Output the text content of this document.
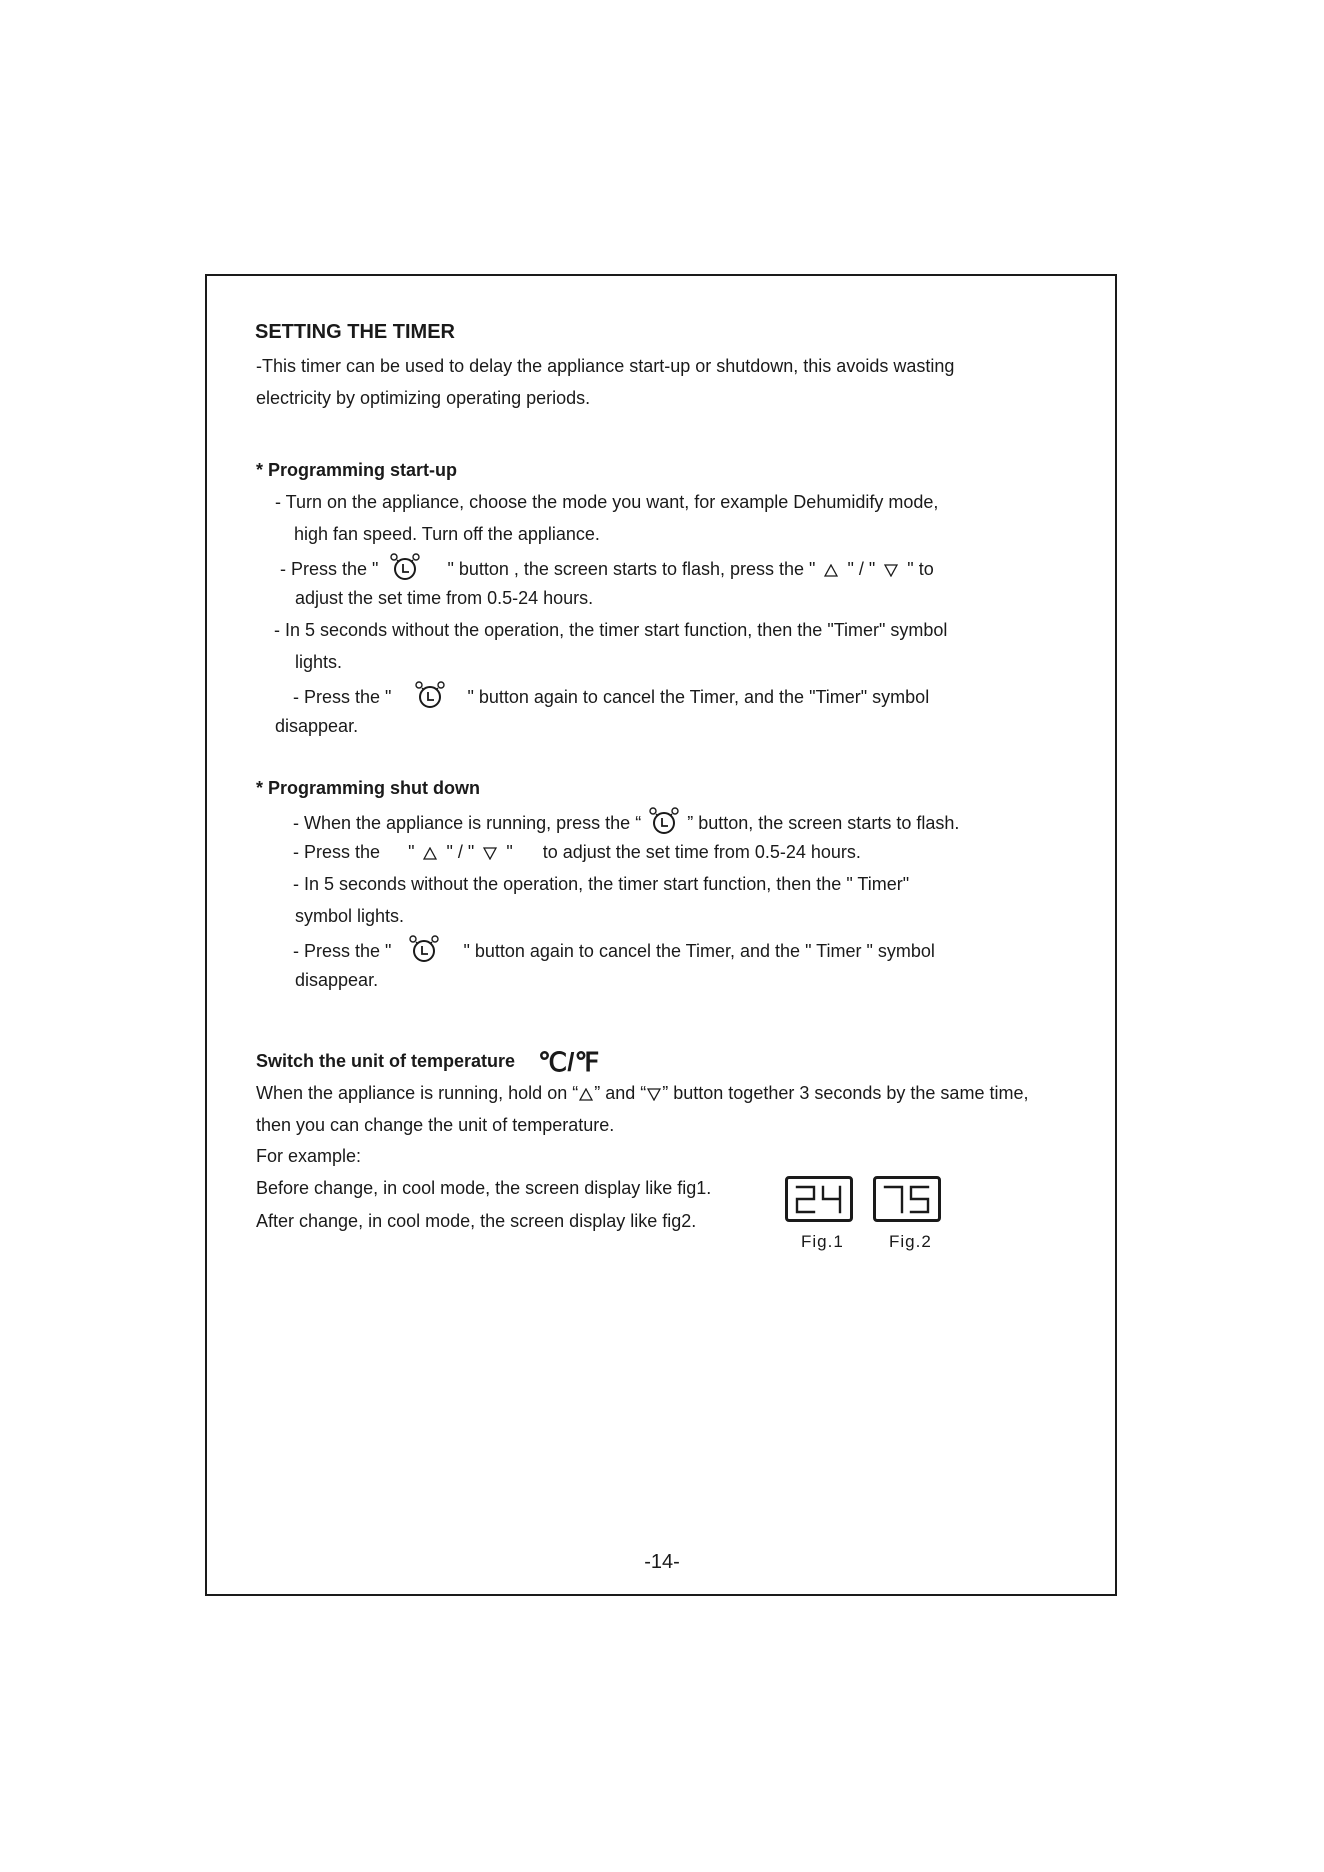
SETTING THE TIMER
-This timer can be used to delay the appliance start-up or shutdown, this avoids wasting
electricity by optimizing operating periods.
* Programming start-up
- Turn on the appliance, choose the mode you want, for example Dehumidify mode,
high fan speed. Turn off the appliance.
- Press the "	" button , the screen starts to flash, press the " " / " " to
adjust the set time from 0.5-24 hours.
- In 5 seconds without the operation, the timer start function, then the "Timer" symbol
lights.
- Press the "	" button again to cancel the Timer, and the "Timer" symbol
disappear.
* Programming shut down
- When the appliance is running, press the “	” button, the screen starts to flash.
- Press the " " / " " to adjust the set time from 0.5-24 hours.
- In 5 seconds without the operation, the timer start function, then the " Timer"
symbol lights.
- Press the "	" button again to cancel the Timer, and the " Timer " symbol
disappear.
Switch the unit of temperature ℃/℉
When the appliance is running, hold on “ ” and “ ” button together 3 seconds by the same time,
then you can change the unit of temperature.
For example:
Before change, in cool mode, the screen display like fig1.
After change, in cool mode, the screen display like fig2.
Fig.1	Fig.2
-14-
